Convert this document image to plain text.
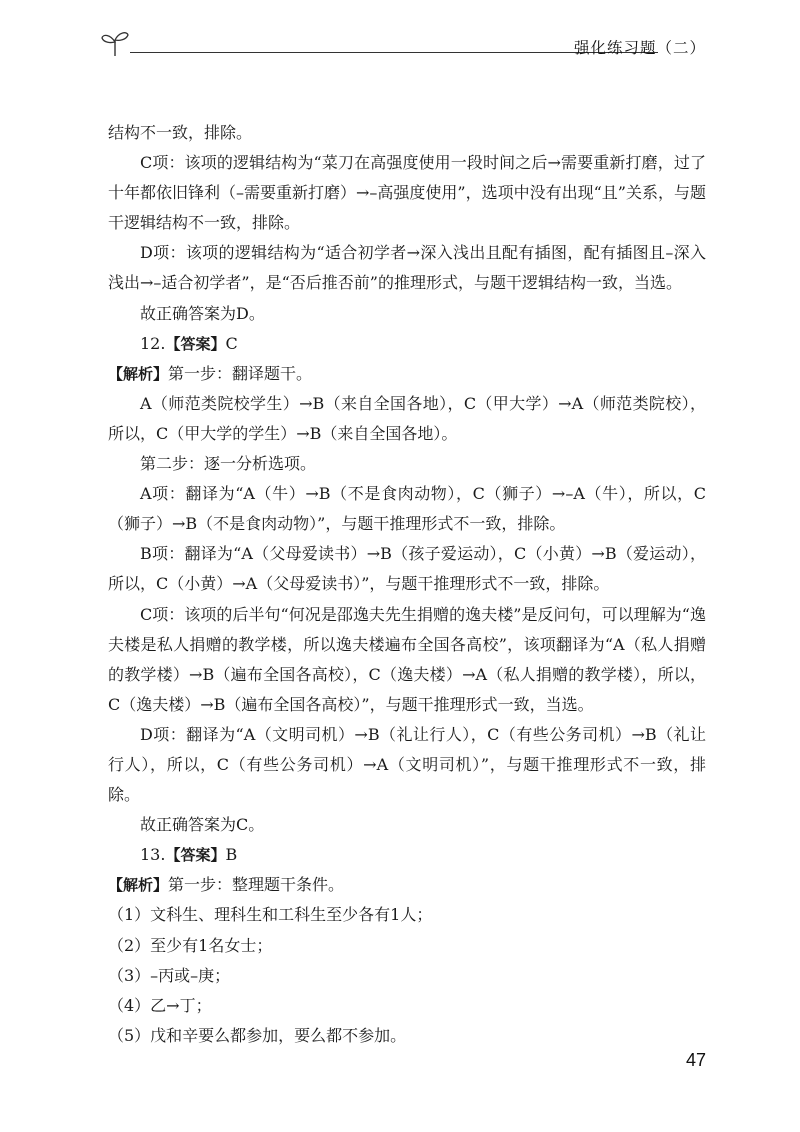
强化练习题（二）

结构不一致，排除。

C项：该项的逻辑结构为“菜刀在高强度使用一段时间之后→需要重新打磨，过了十年都依旧锋利（–需要重新打磨）→–高强度使用”，选项中没有出现“且”关系，与题干逻辑结构不一致，排除。

D项：该项的逻辑结构为“适合初学者→深入浅出且配有插图，配有插图且–深入浅出→–适合初学者”，是“否后推否前”的推理形式，与题干逻辑结构一致，当选。

故正确答案为D。

12.【答案】C

【解析】第一步：翻译题干。

A（师范类院校学生）→B（来自全国各地），C（甲大学）→A（师范类院校），所以，C（甲大学的学生）→B（来自全国各地）。

第二步：逐一分析选项。

A项：翻译为“A（牛）→B（不是食肉动物），C（狮子）→–A（牛），所以，C（狮子）→B（不是食肉动物）”，与题干推理形式不一致，排除。

B项：翻译为“A（父母爱读书）→B（孩子爱运动），C（小黄）→B（爱运动），所以，C（小黄）→A（父母爱读书）”，与题干推理形式不一致，排除。

C项：该项的后半句“何况是邵逸夫先生捐赠的逸夫楼”是反问句，可以理解为“逸夫楼是私人捐赠的教学楼，所以逸夫楼遍布全国各高校”，该项翻译为“A（私人捐赠的教学楼）→B（遍布全国各高校），C（逸夫楼）→A（私人捐赠的教学楼），所以，C（逸夫楼）→B（遍布全国各高校）”，与题干推理形式一致，当选。

D项：翻译为“A（文明司机）→B（礼让行人），C（有些公务司机）→B（礼让行人），所以，C（有些公务司机）→A（文明司机）”，与题干推理形式不一致，排除。

故正确答案为C。

13.【答案】B

【解析】第一步：整理题干条件。

（1）文科生、理科生和工科生至少各有1人；

（2）至少有1名女士；

（3）–丙或–庚；

（4）乙→丁；

（5）戊和辛要么都参加，要么都不参加。

47
